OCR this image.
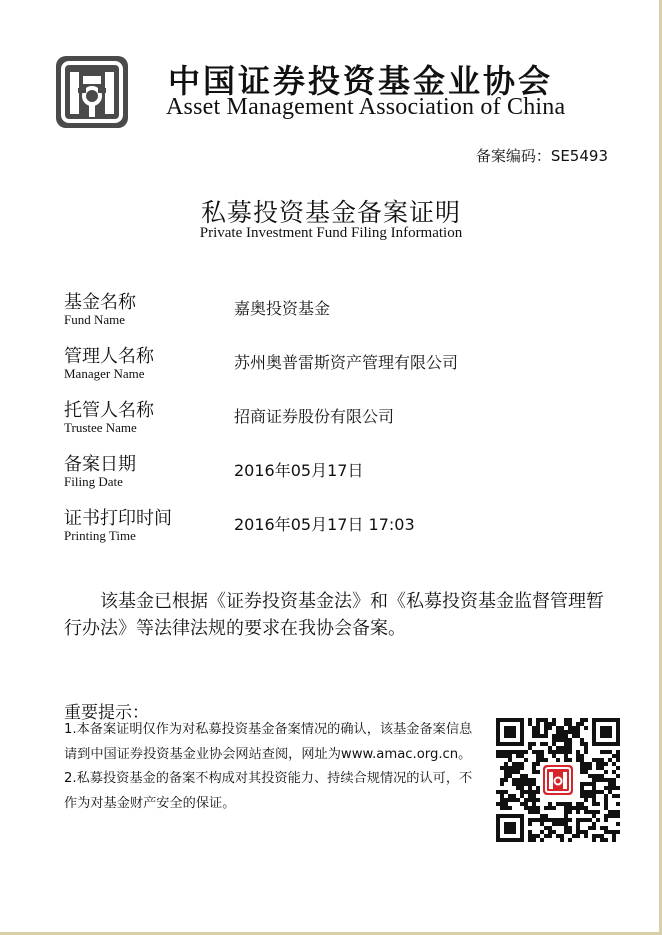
中国证券投资基金业协会
Asset Management Association of China
备案编码：SE5493
私募投资基金备案证明
Private Investment Fund Filing Information
基金名称
Fund Name
嘉奥投资基金
管理人名称
Manager Name
苏州奥普雷斯资产管理有限公司
托管人名称
Trustee Name
招商证券股份有限公司
备案日期
Filing Date
2016年05月17日
证书打印时间
Printing Time
2016年05月17日 17:03
该基金已根据《证券投资基金法》和《私募投资基金监督管理暂行办法》等法律法规的要求在我协会备案。
重要提示：

1.本备案证明仅作为对私募投资基金备案情况的确认，该基金备案信息请到中国证券投资基金业协会网站查阅，网址为www.amac.org.cn。

2.私募投资基金的备案不构成对其投资能力、持续合规情况的认可，不作为对基金财产安全的保证。
